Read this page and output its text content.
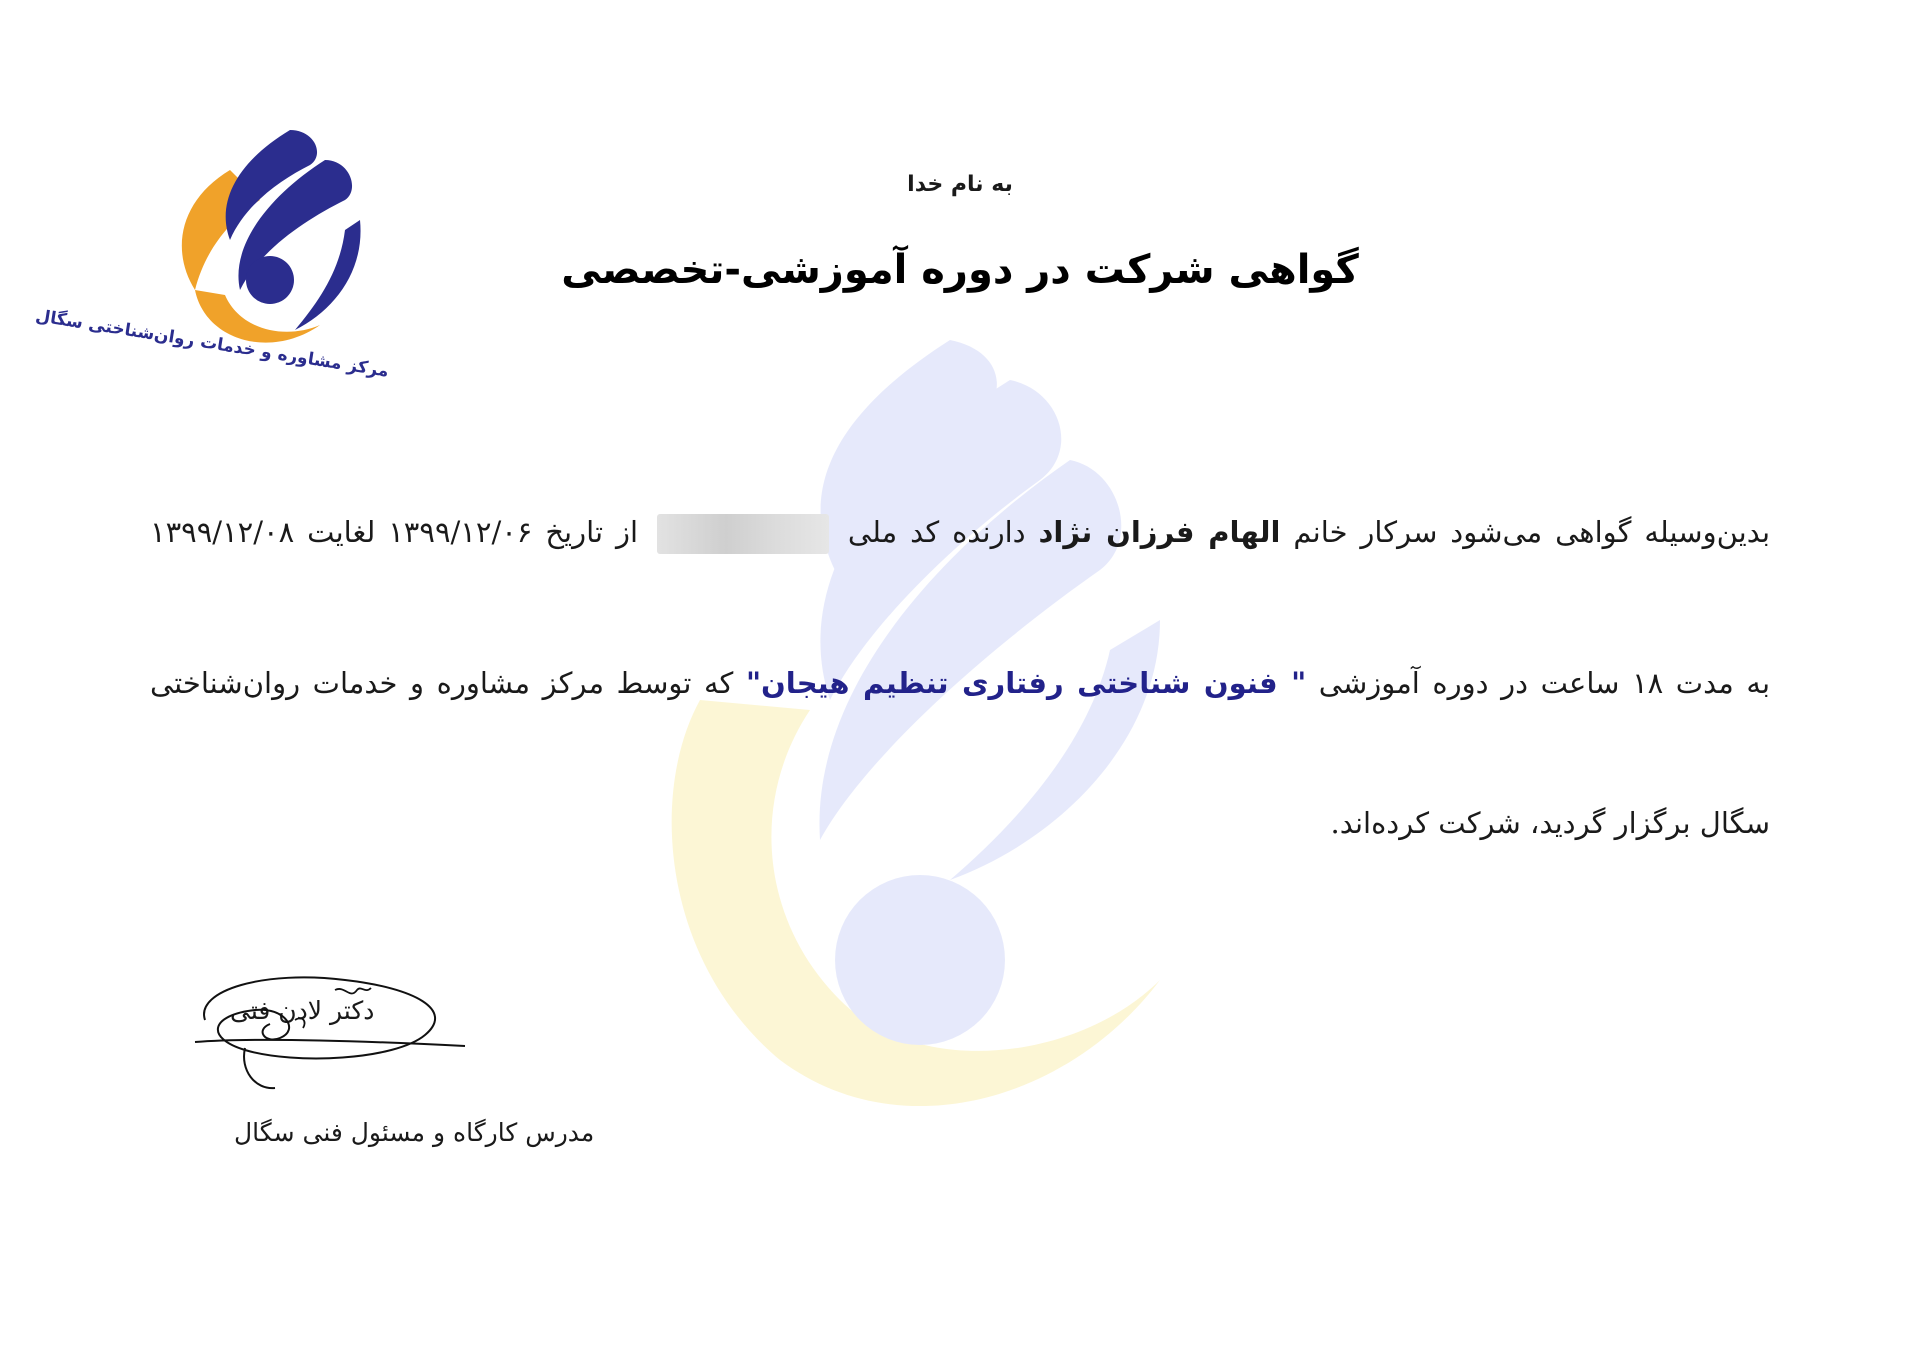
مرکز مشاوره و خدمات روان‌شناختی سگال
به نام خدا
گواهی شرکت در دوره آموزشی-تخصصی
بدین‌وسیله گواهی می‌شود سرکار خانم الهام فرزان نژاد دارنده کد ملی  از تاریخ ۱۳۹۹/۱۲/۰۶ لغایت ۱۳۹۹/۱۲/۰۸
به مدت ۱۸ ساعت در دوره آموزشی " فنون شناختی رفتاری تنظیم هیجان" که توسط مرکز مشاوره و خدمات روان‌شناختی
سگال برگزار گردید، شرکت کرده‌اند.
دکتر لادن فتی
مدرس کارگاه و مسئول فنی سگال
